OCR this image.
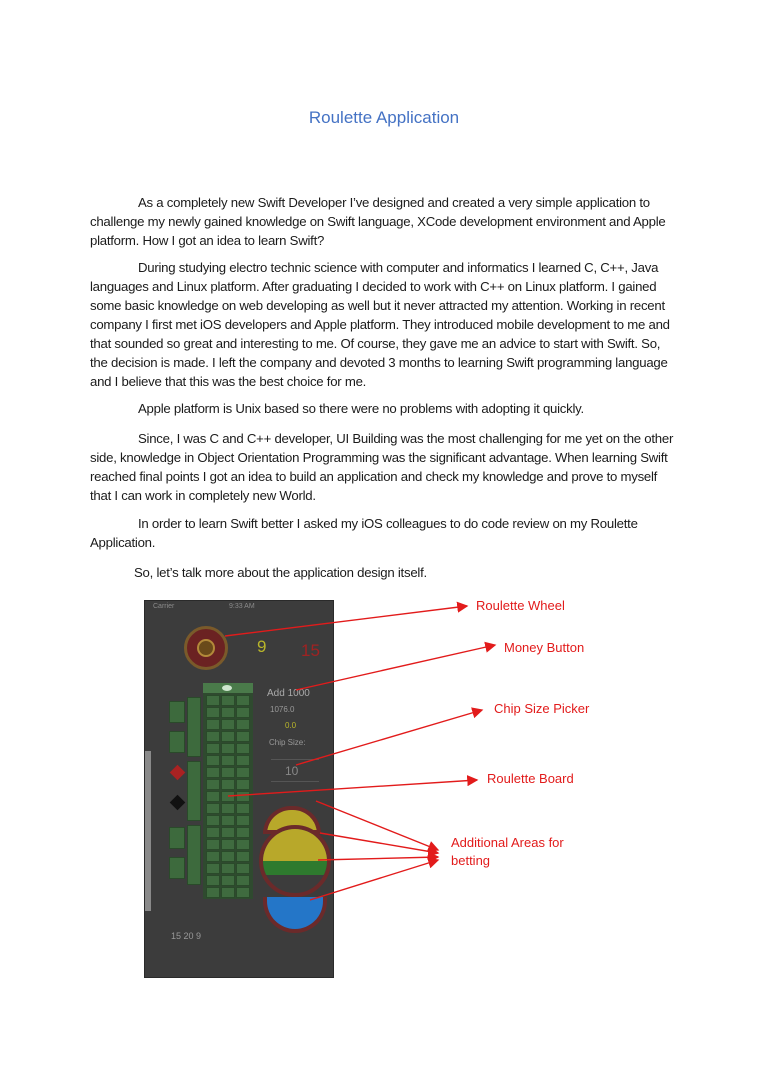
Roulette Application

As a completely new Swift Developer I’ve designed and created a very simple application to challenge my newly gained knowledge on Swift language, XCode development environment and Apple platform. How I got an idea to learn Swift?

During studying electro technic science with computer and informatics I learned C, C++, Java languages and Linux platform. After graduating I decided to work with C++ on Linux platform. I gained some basic knowledge on web developing as well but it never attracted my attention. Working in recent company I first met iOS developers and Apple platform. They introduced mobile development to me and that sounded so great and interesting to me. Of course, they gave me an advice to start with Swift. So, the decision is made. I left the company and devoted 3 months to learning Swift programming language and I believe that this was the best choice for me.

Apple platform is Unix based so there were no problems with adopting it quickly.

Since, I was C and C++ developer, UI Building was the most challenging for me yet on the other side, knowledge in Object Orientation Programming was the significant advantage. When learning Swift reached final points I got an idea to build an application and check my knowledge and prove to myself that I can work in completely new World.

In order to learn Swift better I asked my iOS colleagues to do code review on my Roulette Application.

So, let’s talk more about the application design itself.

Carrier	9:33 AM
9 15
Add 1000
1076.0
0.0
Chip Size:
10
15 20 9
Roulette Wheel
Money Button
Chip Size Picker
Roulette Board
Additional Areas for
betting
